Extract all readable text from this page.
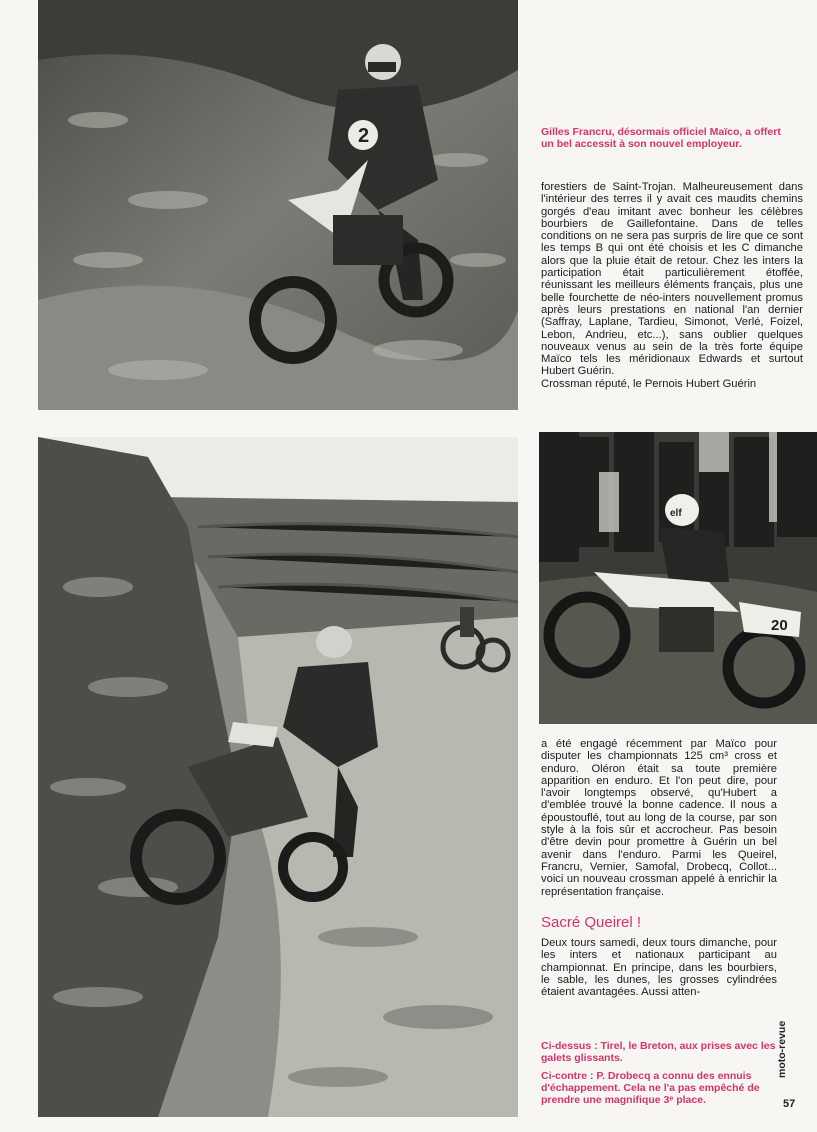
2	Gilles Francru, désormais officiel Maïco, a offert un bel accessit à son nouvel employeur.

forestiers de Saint-Trojan. Malheureusement dans l'intérieur des terres il y avait ces maudits chemins gorgés d'eau imitant avec bonheur les célèbres bourbiers de Gaillefontaine. Dans de telles conditions on ne sera pas surpris de lire que ce sont les temps B qui ont été choisis et les C dimanche alors que la pluie était de retour. Chez les inters la participation était particulièrement étoffée, réunissant les meilleurs éléments français, plus une belle fourchette de néo-inters nouvellement promus après leurs prestations en national l'an dernier (Saffray, Laplane, Tardieu, Simonot, Verlé, Foizel, Lebon, Andrieu, etc...), sans oublier quelques nouveaux venus au sein de la très forte équipe Maïco tels les méridionaux Edwards et surtout Hubert Guérin.

Crossman réputé, le Pernois Hubert Guérin

elf
20

a été engagé récemment par Maïco pour disputer les championnats 125 cm³ cross et enduro. Oléron était sa toute première apparition en enduro. Et l'on peut dire, pour l'avoir longtemps observé, qu'Hubert a d'emblée trouvé la bonne cadence. Il nous a époustouflé, tout au long de la course, par son style à la fois sûr et accrocheur. Pas besoin d'être devin pour promettre à Guérin un bel avenir dans l'enduro. Parmi les Queirel, Francru, Vernier, Samofal, Drobecq, Collot... voici un nouveau crossman appelé à enrichir la représentation française.

Sacré Queirel !

Deux tours samedi, deux tours dimanche, pour les inters et nationaux participant au championnat. En principe, dans les bourbiers, le sable, les dunes, les grosses cylindrées étaient avantagées. Aussi atten-

Ci-dessus : Tirel, le Breton, aux prises avec les galets glissants.
Ci-contre : P. Drobecq a connu des ennuis d'échappement. Cela ne l'a pas empêché de prendre une magnifique 3ᵉ place.
moto-revue
57
